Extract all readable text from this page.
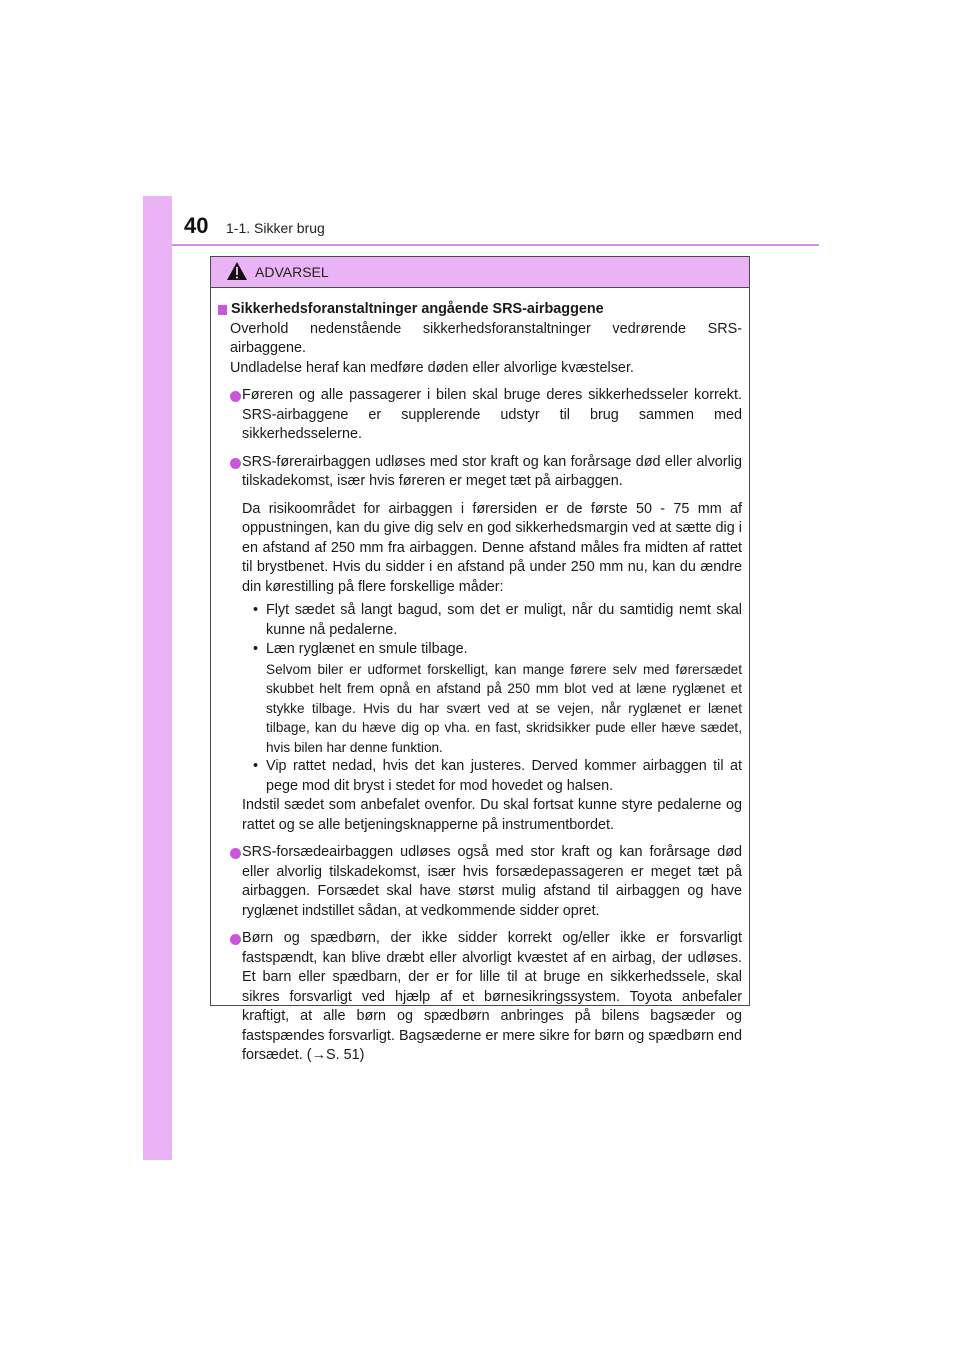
40 1-1. Sikker brug
ADVARSEL
Sikkerhedsforanstaltninger angående SRS-airbaggene
Overhold nedenstående sikkerhedsforanstaltninger vedrørende SRS-airbaggene.
Undladelse heraf kan medføre døden eller alvorlige kvæstelser.
Føreren og alle passagerer i bilen skal bruge deres sikkerhedsseler korrekt. SRS-airbaggene er supplerende udstyr til brug sammen med sikkerhedsselerne.
SRS-førerairbaggen udløses med stor kraft og kan forårsage død eller alvorlig tilskadekomst, især hvis føreren er meget tæt på airbaggen.
Da risikoområdet for airbaggen i førersiden er de første 50 - 75 mm af oppustningen, kan du give dig selv en god sikkerhedsmargin ved at sætte dig i en afstand af 250 mm fra airbaggen. Denne afstand måles fra midten af rattet til brystbenet. Hvis du sidder i en afstand på under 250 mm nu, kan du ændre din kørestilling på flere forskellige måder:
• Flyt sædet så langt bagud, som det er muligt, når du samtidig nemt skal kunne nå pedalerne.
• Læn ryglænet en smule tilbage.
Selvom biler er udformet forskelligt, kan mange førere selv med førersædet skubbet helt frem opnå en afstand på 250 mm blot ved at læne ryglænet et stykke tilbage. Hvis du har svært ved at se vejen, når ryglænet er lænet tilbage, kan du hæve dig op vha. en fast, skridsikker pude eller hæve sædet, hvis bilen har denne funktion.
• Vip rattet nedad, hvis det kan justeres. Derved kommer airbaggen til at pege mod dit bryst i stedet for mod hovedet og halsen.
Indstil sædet som anbefalet ovenfor. Du skal fortsat kunne styre pedalerne og rattet og se alle betjeningsknapperne på instrumentbordet.
SRS-forsædeairbaggen udløses også med stor kraft og kan forårsage død eller alvorlig tilskadekomst, især hvis forsædepassageren er meget tæt på airbaggen. Forsædet skal have størst mulig afstand til airbaggen og have ryglænet indstillet sådan, at vedkommende sidder opret.
Børn og spædbørn, der ikke sidder korrekt og/eller ikke er forsvarligt fastspændt, kan blive dræbt eller alvorligt kvæstet af en airbag, der udløses. Et barn eller spædbarn, der er for lille til at bruge en sikkerhedssele, skal sikres forsvarligt ved hjælp af et børnesikringssystem. Toyota anbefaler kraftigt, at alle børn og spædbørn anbringes på bilens bagsæder og fastspændes forsvarligt. Bagsæderne er mere sikre for børn og spædbørn end forsædet. (→S. 51)
